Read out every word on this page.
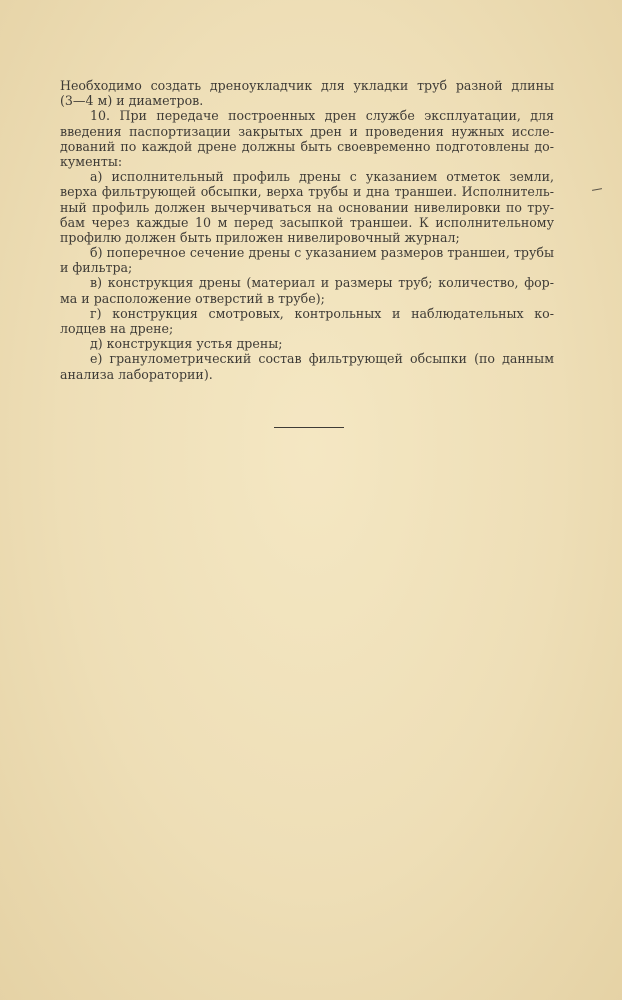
Необходимо создать дреноукладчик для укладки труб разной длины
(3—4 м) и диаметров.
10. При передаче построенных дрен службе эксплуатации, для
введения паспортизации закрытых дрен и проведения нужных иссле-
дований по каждой дрене должны быть своевременно подготовлены до-
кументы:
а) исполнительный профиль дрены с указанием отметок земли,
верха фильтрующей обсыпки, верха трубы и дна траншеи. Исполнитель-
ный профиль должен вычерчиваться на основании нивелировки по тру-
бам через каждые 10 м перед засыпкой траншеи. К исполнительному
профилю должен быть приложен нивелировочный журнал;
б) поперечное сечение дрены с указанием размеров траншеи, трубы
и фильтра;
в) конструкция дрены (материал и размеры труб; количество, фор-
ма и расположение отверстий в трубе);
г) конструкция смотровых, контрольных и наблюдательных ко-
лодцев на дрене;
д) конструкция устья дрены;
е) гранулометрический состав фильтрующей обсыпки (по данным
анализа лаборатории).
